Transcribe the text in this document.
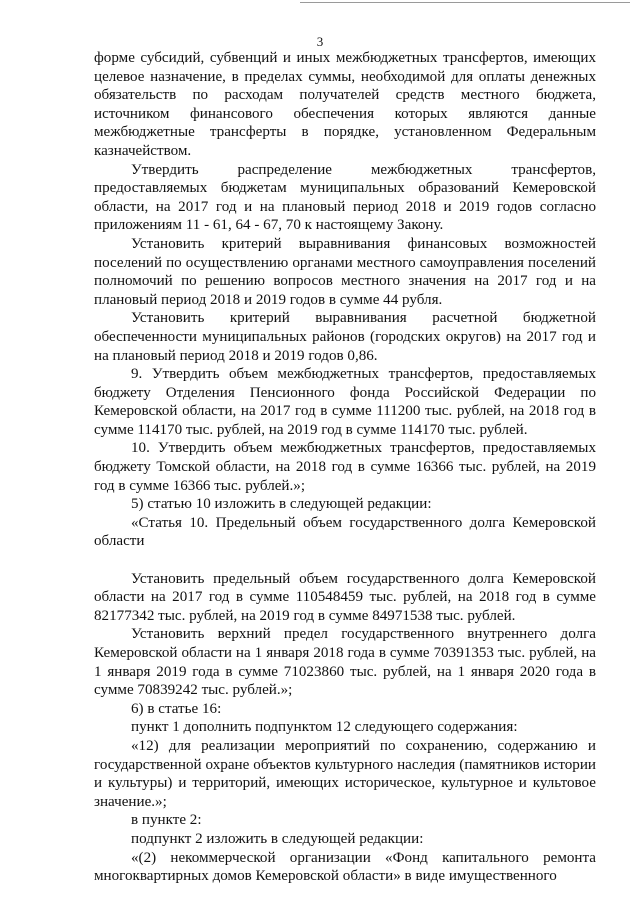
3

форме субсидий, субвенций и иных межбюджетных трансфертов, имеющих целевое назначение, в пределах суммы, необходимой для оплаты денежных обязательств по расходам получателей средств местного бюджета, источником финансового обеспечения которых являются данные межбюджетные трансферты в порядке, установленном Федеральным казначейством.

Утвердить распределение межбюджетных трансфертов, предоставляемых бюджетам муниципальных образований Кемеровской области, на 2017 год и на плановый период 2018 и 2019 годов согласно приложениям 11 - 61, 64 - 67, 70 к настоящему Закону.

Установить критерий выравнивания финансовых возможностей поселений по осуществлению органами местного самоуправления поселений полномочий по решению вопросов местного значения на 2017 год и на плановый период 2018 и 2019 годов в сумме 44 рубля.

Установить критерий выравнивания расчетной бюджетной обеспеченности муниципальных районов (городских округов) на 2017 год и на плановый период 2018 и 2019 годов 0,86.

9. Утвердить объем межбюджетных трансфертов, предоставляемых бюджету Отделения Пенсионного фонда Российской Федерации по Кемеровской области, на 2017 год в сумме 111200 тыс. рублей, на 2018 год в сумме 114170 тыс. рублей, на 2019 год в сумме 114170 тыс. рублей.

10. Утвердить объем межбюджетных трансфертов, предоставляемых бюджету Томской области, на 2018 год в сумме 16366 тыс. рублей, на 2019 год в сумме 16366 тыс. рублей.»;

5) статью 10 изложить в следующей редакции:

«Статья 10. Предельный объем государственного долга Кемеровской области

Установить предельный объем государственного долга Кемеровской области на 2017 год в сумме 110548459 тыс. рублей, на 2018 год в сумме 82177342 тыс. рублей, на 2019 год в сумме 84971538 тыс. рублей.

Установить верхний предел государственного внутреннего долга Кемеровской области на 1 января 2018 года в сумме 70391353 тыс. рублей, на 1 января 2019 года в сумме 71023860 тыс. рублей, на 1 января 2020 года в сумме 70839242 тыс. рублей.»;

6) в статье 16:

пункт 1 дополнить подпунктом 12 следующего содержания:

«12) для реализации мероприятий по сохранению, содержанию и государственной охране объектов культурного наследия (памятников истории и культуры) и территорий, имеющих историческое, культурное и культовое значение.»;

в пункте 2:

подпункт 2 изложить в следующей редакции:

«(2) некоммерческой организации «Фонд капитального ремонта многоквартирных домов Кемеровской области» в виде имущественного
